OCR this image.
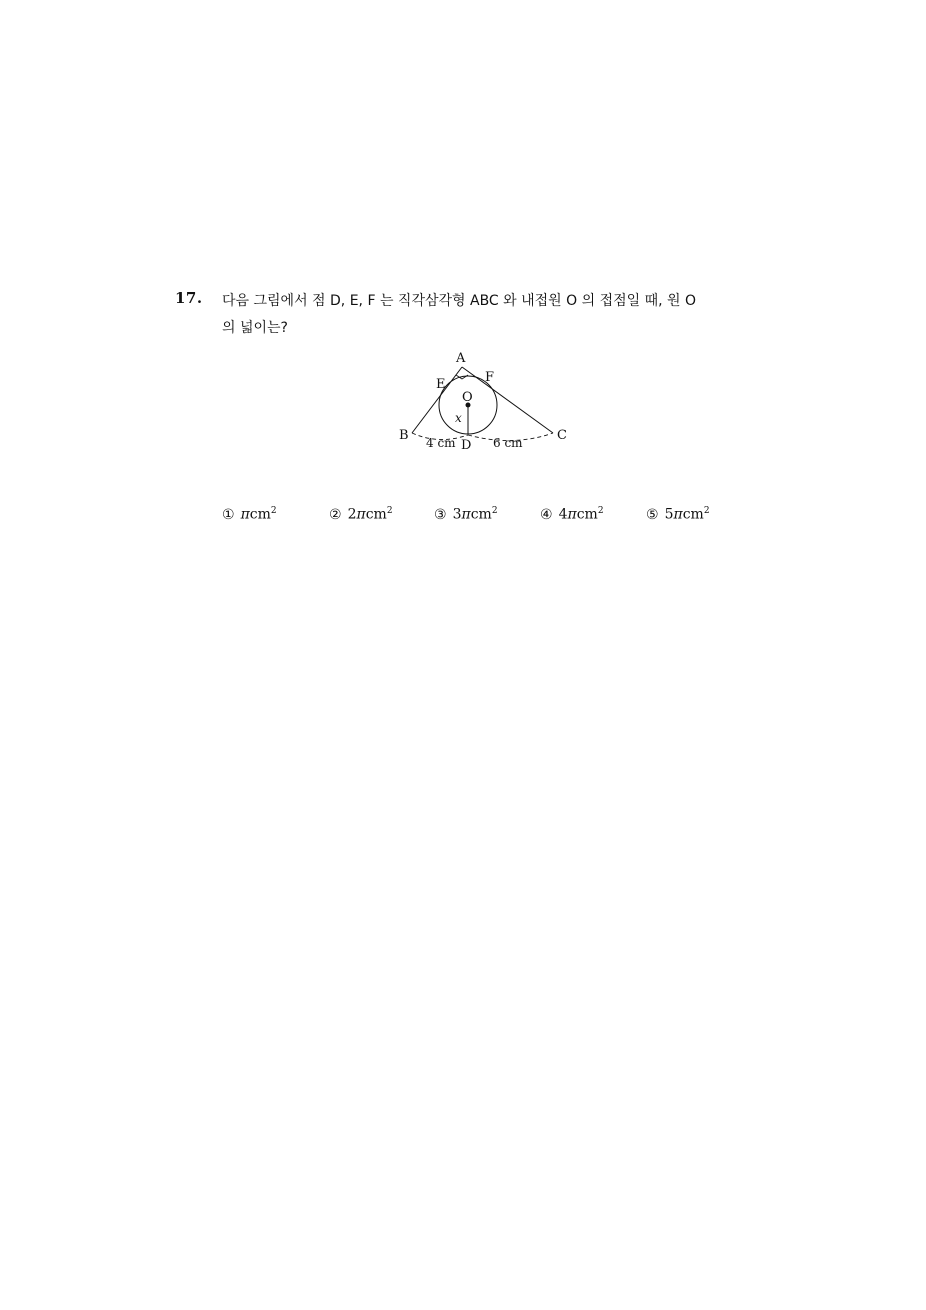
17. 다음 그림에서 점 D, E, F 는 직각삼각형 ABC 와 내접원 O 의 접점일 때, 원 O
의 넓이는?
A
E	F
O
x
B	C
D
4 cm	6 cm
① πcm$^2$	② 2πcm$^2$	③ 3πcm$^2$	④ 4πcm$^2$	⑤ 5πcm$^2$
